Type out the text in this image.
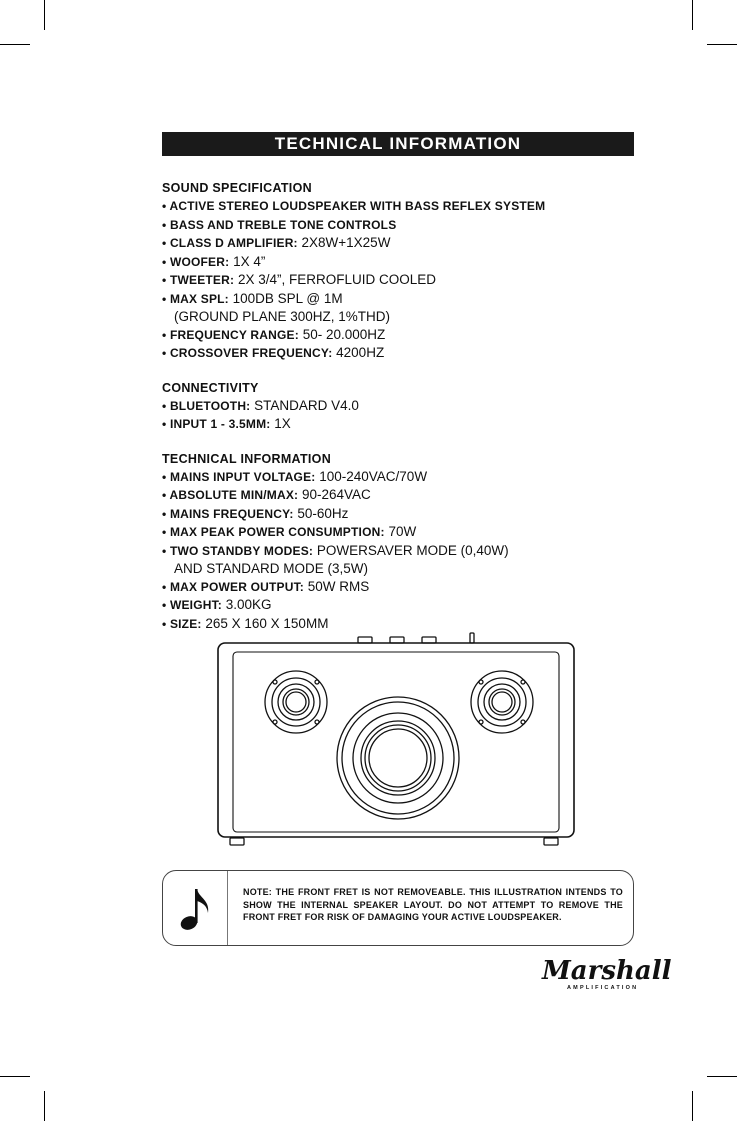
TECHNICAL INFORMATION
SOUND SPECIFICATION
• ACTIVE STEREO LOUDSPEAKER WITH BASS REFLEX SYSTEM
• BASS AND TREBLE TONE CONTROLS
• CLASS D AMPLIFIER: 2X8W+1X25W
• WOOFER: 1X 4”
• TWEETER: 2X 3/4”, FERROFLUID COOLED
• MAX SPL: 100DB SPL @ 1M
(GROUND PLANE 300HZ, 1%THD)
• FREQUENCY RANGE: 50- 20.000HZ
• CROSSOVER FREQUENCY: 4200HZ
CONNECTIVITY
• BLUETOOTH: STANDARD V4.0
• INPUT 1 - 3.5MM: 1X
TECHNICAL INFORMATION
• MAINS INPUT VOLTAGE: 100-240VAC/70W
• ABSOLUTE MIN/MAX: 90-264VAC
• MAINS FREQUENCY: 50-60Hz
• MAX PEAK POWER CONSUMPTION: 70W
• TWO STANDBY MODES: POWERSAVER MODE (0,40W)
AND STANDARD MODE (3,5W)
• MAX POWER OUTPUT: 50W RMS
• WEIGHT: 3.00KG
• SIZE: 265 X 160 X 150MM
NOTE: THE FRONT FRET IS NOT REMOVEABLE. THIS ILLUSTRATION INTENDS TO SHOW THE INTERNAL SPEAKER LAYOUT. DO NOT ATTEMPT TO REMOVE THE FRONT FRET FOR RISK OF DAMAGING YOUR ACTIVE LOUDSPEAKER.
Marshall
AMPLIFICATION
